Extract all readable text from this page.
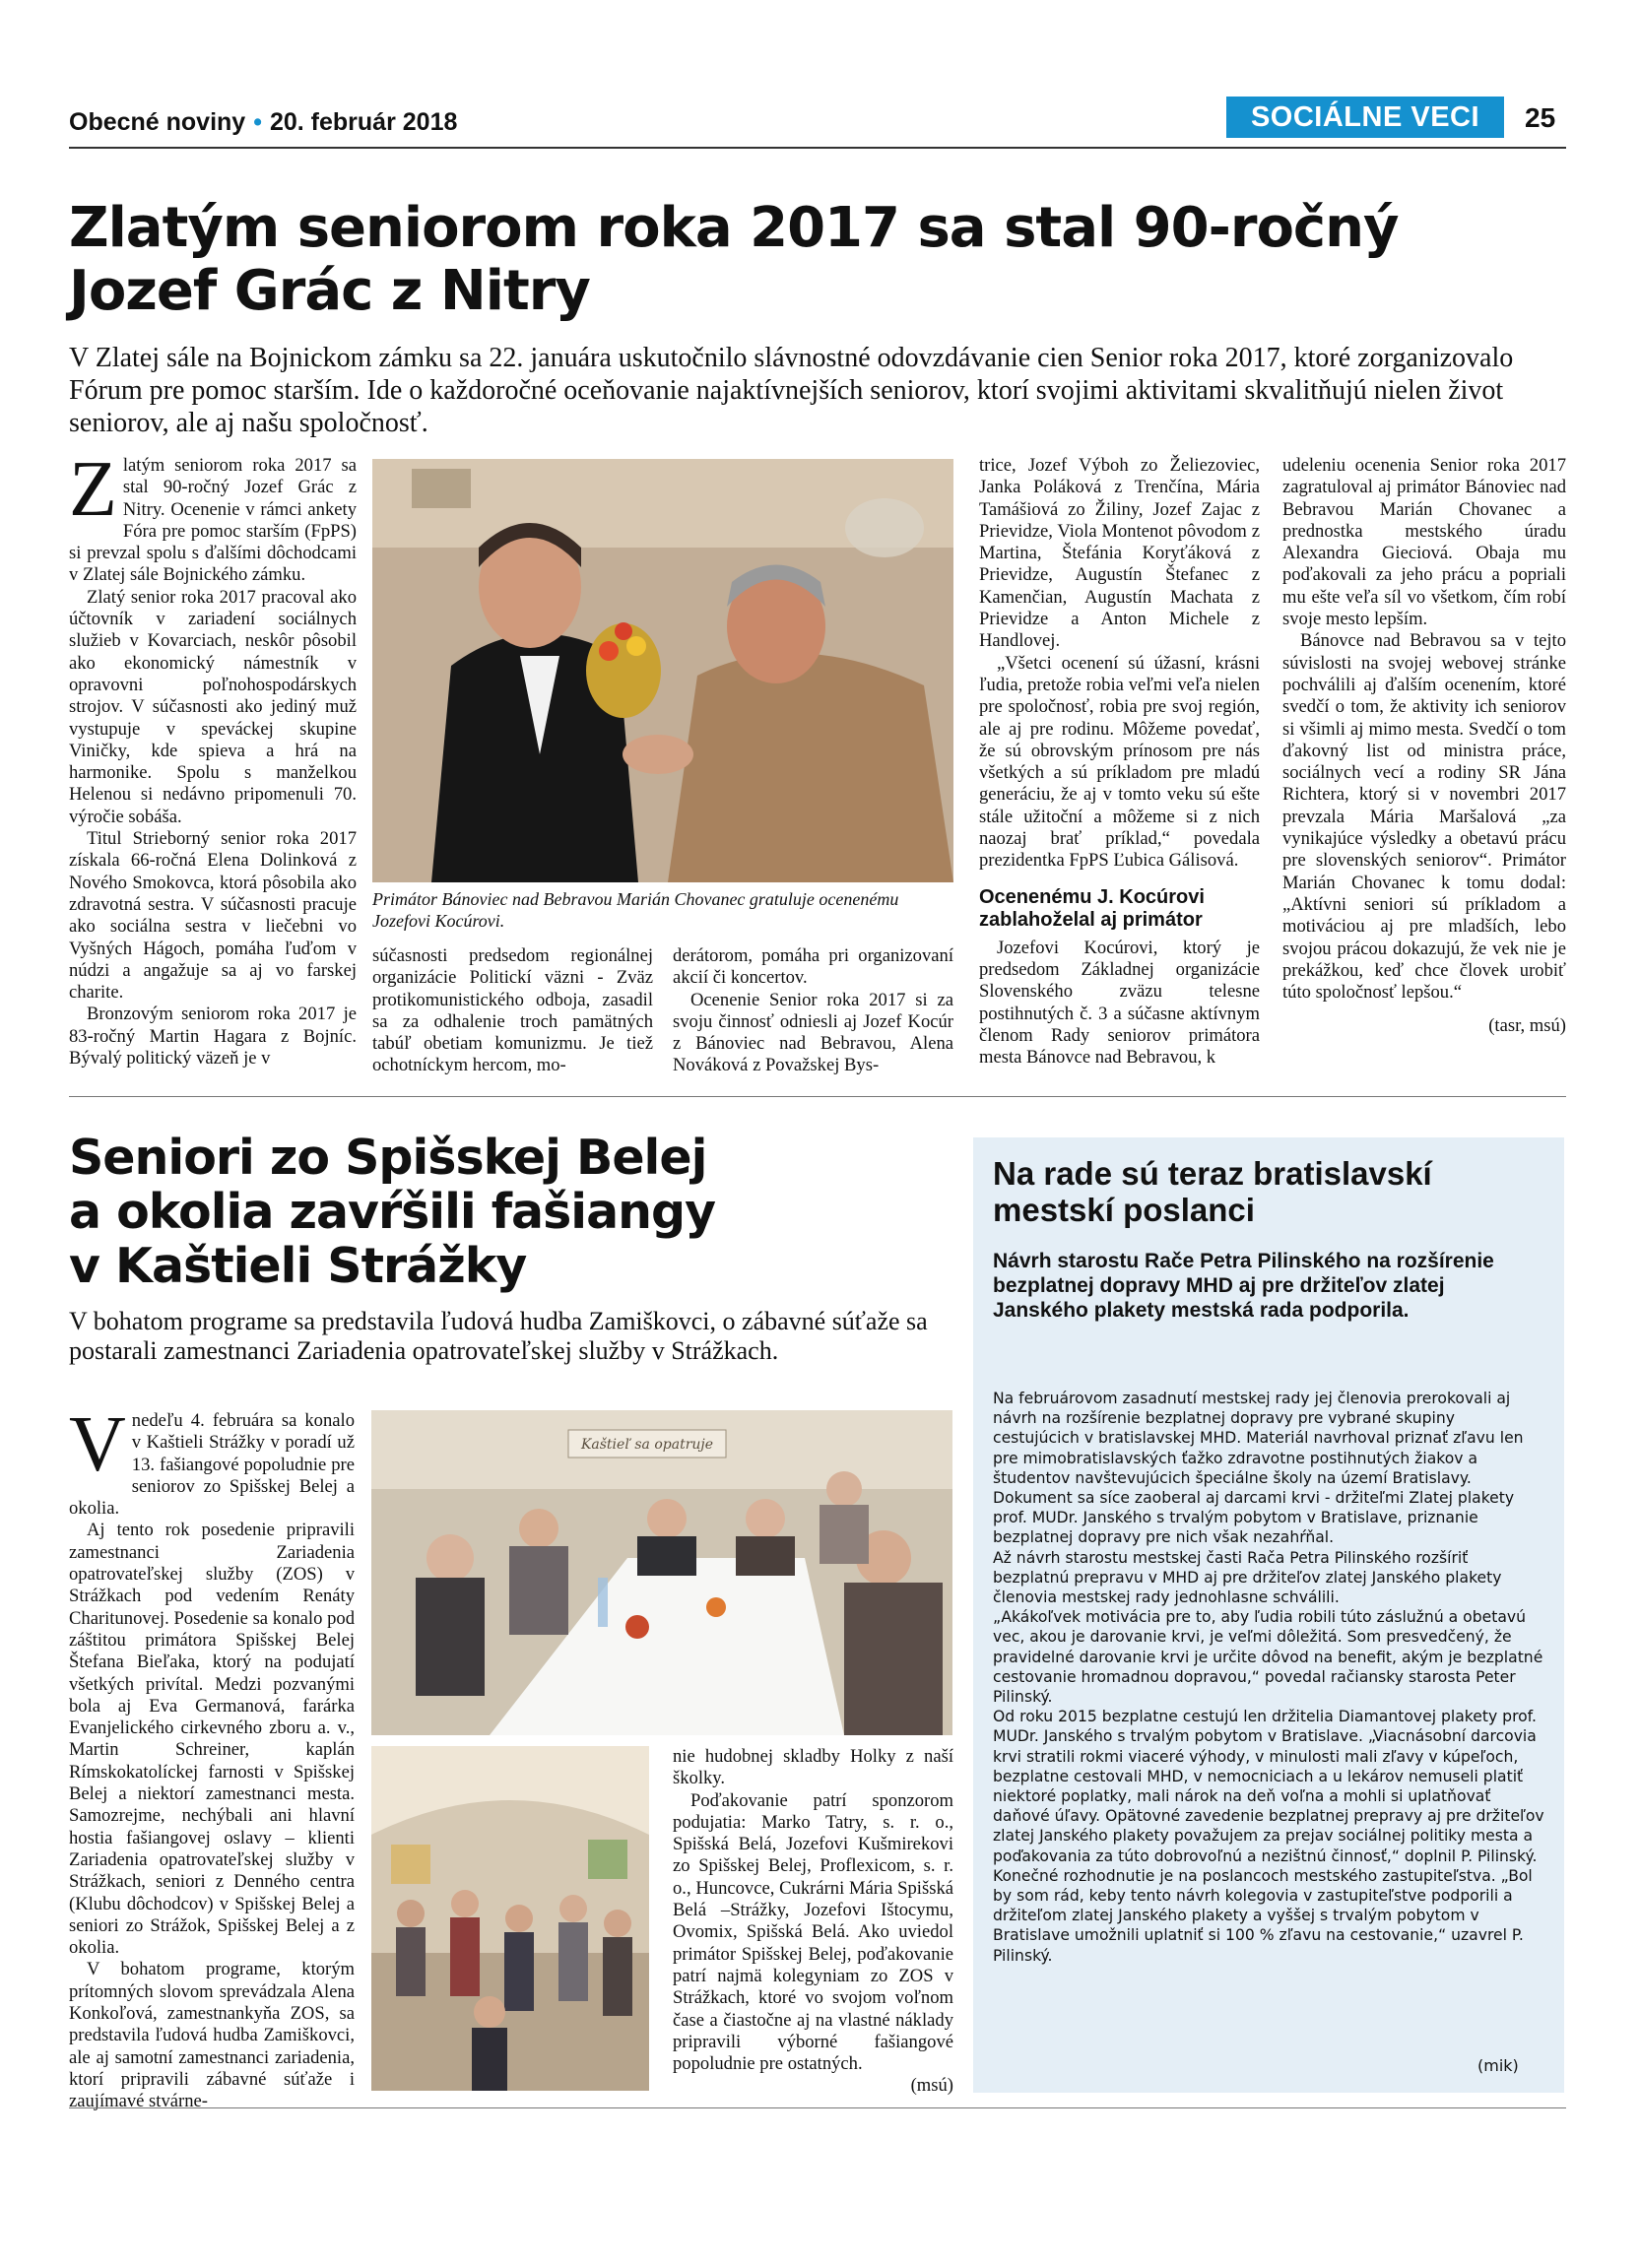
Obecné noviny • 20. február 2018	SOCIÁLNE VECI	25
Zlatým seniorom roka 2017 sa stal 90-ročný
Jozef Grác z Nitry
V Zlatej sále na Bojnickom zámku sa 22. januára uskutočnilo slávnostné odovzdávanie cien Senior roka 2017, ktoré zorganizovalo Fórum pre pomoc starším. Ide o každoročné oceňovanie najaktívnejších seniorov, ktorí svojimi aktivitami skvalitňujú nielen život seniorov, ale aj našu spoločnosť.

Zlatým seniorom roka 2017 sa stal 90-ročný Jozef Grác z Nitry. Ocenenie v rámci ankety Fóra pre pomoc starším (FpPS) si prevzal spolu s ďalšími dôchodcami v Zlatej sále Bojnického zámku.

Zlatý senior roka 2017 pracoval ako účtovník v zariadení sociálnych služieb v Kovarciach, neskôr pôsobil ako ekonomický námestník v opravovni poľnohospodárskych strojov. V súčasnosti ako jediný muž vystupuje v speváckej skupine Viničky, kde spieva a hrá na harmonike. Spolu s manželkou Helenou si nedávno pripomenuli 70. výročie sobáša.

Titul Strieborný senior roka 2017 získala 66-ročná Elena Dolinková z Nového Smokovca, ktorá pôsobila ako zdravotná sestra. V súčasnosti pracuje ako sociálna sestra v liečebni vo Vyšných Hágoch, pomáha ľuďom v núdzi a angažuje sa aj vo farskej charite.

Bronzovým seniorom roka 2017 je 83-ročný Martin Hagara z Bojníc. Bývalý politický väzeň je v

Primátor Bánoviec nad Bebravou Marián Chovanec gratuluje ocenenému Jozefovi Kocúrovi.

súčasnosti predsedom regionálnej organizácie Politickí väzni - Zväz protikomunistického odboja, zasadil sa za odhalenie troch pamätných tabúľ obetiam komunizmu. Je tiež ochotníckym hercom, mo-

derátorom, pomáha pri organizovaní akcií či koncertov.

Ocenenie Senior roka 2017 si za svoju činnosť odniesli aj Jozef Kocúr z Bánoviec nad Bebravou, Alena Nováková z Považskej Bys-

trice, Jozef Výboh zo Želiezoviec, Janka Poláková z Trenčína, Mária Tamášiová zo Žiliny, Jozef Zajac z Prievidze, Viola Montenot pôvodom z Martina, Štefánia Koryťáková z Prievidze, Augustín Štefanec z Kamenčian, Augustín Machata z Prievidze a Anton Michele z Handlovej.

„Všetci ocenení sú úžasní, krásni ľudia, pretože robia veľmi veľa nielen pre spoločnosť, robia pre svoj región, ale aj pre rodinu. Môžeme povedať, že sú obrovským prínosom pre nás všetkých a sú príkladom pre mladú generáciu, že aj v tomto veku sú ešte stále užitoční a môžeme si z nich naozaj brať príklad,“ povedala prezidentka FpPS Ľubica Gálisová.

Ocenenému J. Kocúrovi
zablahoželal aj primátor

Jozefovi Kocúrovi, ktorý je predsedom Základnej organizácie Slovenského zväzu telesne postihnutých č. 3 a súčasne aktívnym členom Rady seniorov primátora mesta Bánovce nad Bebravou, k

udeleniu ocenenia Senior roka 2017 zagratuloval aj primátor Bánoviec nad Bebravou Marián Chovanec a prednostka mestského úradu Alexandra Gieciová. Obaja mu poďakovali za jeho prácu a popriali mu ešte veľa síl vo všetkom, čím robí svoje mesto lepším.

Bánovce nad Bebravou sa v tejto súvislosti na svojej webovej stránke pochválili aj ďalším ocenením, ktoré svedčí o tom, že aktivity ich seniorov si všimli aj mimo mesta. Svedčí o tom ďakovný list od ministra práce, sociálnych vecí a rodiny SR Jána Richtera, ktorý si v novembri 2017 prevzala Mária Maršalová „za vynikajúce výsledky a obetavú prácu pre slovenských seniorov“. Primátor Marián Chovanec k tomu dodal: „Aktívni seniori sú príkladom a motiváciou aj pre mladších, lebo svojou prácou dokazujú, že vek nie je prekážkou, keď chce človek urobiť túto spoločnosť lepšou.“

(tasr, msú)

Seniori zo Spišskej Belej
a okolia zavŕšili fašiangy
v Kaštieli Strážky
V bohatom programe sa predstavila ľudová hudba Zamiškovci, o zábavné súťaže sa postarali zamestnanci Zariadenia opatrovateľskej služby v Strážkach.

Vnedeľu 4. februára sa konalo v Kaštieli Strážky v poradí už 13. fašiangové popoludnie pre seniorov zo Spišskej Belej a okolia.

Aj tento rok posedenie pripravili zamestnanci Zariadenia opatrovateľskej služby (ZOS) v Strážkach pod vedením Renáty Charitunovej. Posedenie sa konalo pod záštitou primátora Spišskej Belej Štefana Bieľaka, ktorý na podujatí všetkých privítal. Medzi pozvanými bola aj Eva Germanová, farárka Evanjelického cirkevného zboru a. v., Martin Schreiner, kaplán Rímskokatolíckej farnosti v Spišskej Belej a niektorí zamestnanci mesta. Samozrejme, nechýbali ani hlavní hostia fašiangovej oslavy – klienti Zariadenia opatrovateľskej služby v Strážkach, seniori z Denného centra (Klubu dôchodcov) v Spišskej Belej a seniori zo Strážok, Spišskej Belej a z okolia.

V bohatom programe, ktorým prítomných slovom sprevádzala Alena Konkoľová, zamestnankyňa ZOS, sa predstavila ľudová hudba Zamiškovci, ale aj samotní zamestnanci zariadenia, ktorí pripravili zábavné súťaže i zaujímavé stvárne-

Kaštieľ sa opatruje

nie hudobnej skladby Holky z naší školky.

Poďakovanie patrí sponzorom podujatia: Marko Tatry, s. r. o., Spišská Belá, Jozefovi Kušmirekovi zo Spišskej Belej, Proflexicom, s. r. o., Huncovce, Cukrárni Mária Spišská Belá –Strážky, Jozefovi Ištocymu, Ovomix, Spišská Belá. Ako uviedol primátor Spišskej Belej, poďakovanie patrí najmä kolegyniam zo ZOS v Strážkach, ktoré vo svojom voľnom čase a čiastočne aj na vlastné náklady pripravili výborné fašiangové popoludnie pre ostatných.

(msú)

Na rade sú teraz bratislavskí
mestskí poslanci
Návrh starostu Rače Petra Pilinského na rozšírenie bezplatnej dopravy MHD aj pre držiteľov zlatej Janského plakety mestská rada podporila.

Na februárovom zasadnutí mestskej rady jej členovia prerokovali aj návrh na rozšírenie bezplatnej dopravy pre vybrané skupiny cestujúcich v bratislavskej MHD. Materiál navrhoval priznať zľavu len pre mimobratislavských ťažko zdravotne postihnutých žiakov a študentov navštevujúcich špeciálne školy na území Bratislavy. Dokument sa síce zaoberal aj darcami krvi - držiteľmi Zlatej plakety prof. MUDr. Janského s trvalým pobytom v Bratislave, priznanie bezplatnej dopravy pre nich však nezahŕňal.

Až návrh starostu mestskej časti Rača Petra Pilinského rozšíriť bezplatnú prepravu v MHD aj pre držiteľov zlatej Janského plakety členovia mestskej rady jednohlasne schválili.

„Akákoľvek motivácia pre to, aby ľudia robili túto záslužnú a obetavú vec, akou je darovanie krvi, je veľmi dôležitá. Som presvedčený, že pravidelné darovanie krvi je určite dôvod na benefit, akým je bezplatné cestovanie hromadnou dopravou,“ povedal račiansky starosta Peter Pilinský.

Od roku 2015 bezplatne cestujú len držitelia Diamantovej plakety prof. MUDr. Janského s trvalým pobytom v Bratislave. „Viacnásobní darcovia krvi stratili rokmi viaceré výhody, v minulosti mali zľavy v kúpeľoch, bezplatne cestovali MHD, v nemocniciach a u lekárov nemuseli platiť niektoré poplatky, mali nárok na deň voľna a mohli si uplatňovať daňové úľavy. Opätovné zavedenie bezplatnej prepravy aj pre držiteľov zlatej Janského plakety považujem za prejav sociálnej politiky mesta a poďakovania za túto dobrovoľnú a nezištnú činnosť,“ doplnil P. Pilinský.

Konečné rozhodnutie je na poslancoch mestského zastupiteľstva. „Bol by som rád, keby tento návrh kolegovia v zastupiteľstve podporili a držiteľom zlatej Janského plakety a vyššej s trvalým pobytom v Bratislave umožnili uplatniť si 100 % zľavu na cestovanie,“ uzavrel P. Pilinský.

(mik)
